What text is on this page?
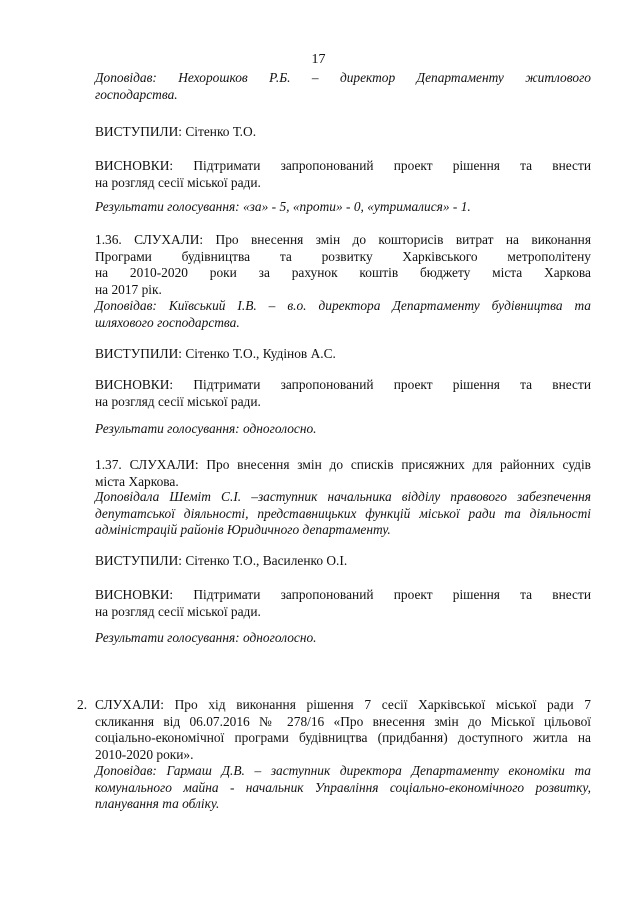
17
Доповідав: Нехорошков Р.Б. – директор Департаменту житлового
господарства.
ВИСТУПИЛИ: Сітенко Т.О.
ВИСНОВКИ: Підтримати запропонований проект рішення та внести
на розгляд сесії міської ради.
Результати голосування: «за» - 5, «проти» - 0, «утрималися» - 1.
1.36. СЛУХАЛИ: Про внесення змін до кошторисів витрат на виконання
Програми будівництва та розвитку Харківського метрополітену
на 2010-2020 роки за рахунок коштів бюджету міста Харкова
на 2017 рік.
Доповідав: Київський І.В. – в.о. директора Департаменту будівництва та
шляхового господарства.
ВИСТУПИЛИ: Сітенко Т.О., Кудінов А.С.
ВИСНОВКИ: Підтримати запропонований проект рішення та внести
на розгляд сесії міської ради.
Результати голосування: одноголосно.
1.37. СЛУХАЛИ: Про внесення змін до списків присяжних для районних судів
міста Харкова.
Доповідала Шеміт С.І. –заступник начальника відділу правового забезпечення
депутатської діяльності, представницьких функцій міської ради та діяльності
адміністрацій районів Юридичного департаменту.
ВИСТУПИЛИ: Сітенко Т.О., Василенко О.І.
ВИСНОВКИ: Підтримати запропонований проект рішення та внести
на розгляд сесії міської ради.
Результати голосування: одноголосно.
2. СЛУХАЛИ: Про хід виконання рішення 7 сесії Харківської міської ради 7
скликання від 06.07.2016 № 278/16 «Про внесення змін до Міської цільової
соціально-економічної програми будівництва (придбання) доступного житла на
2010-2020 роки».
Доповідав: Гармаш Д.В. – заступник директора Департаменту економіки та
комунального майна - начальник Управління соціально-економічного розвитку,
планування та обліку.
